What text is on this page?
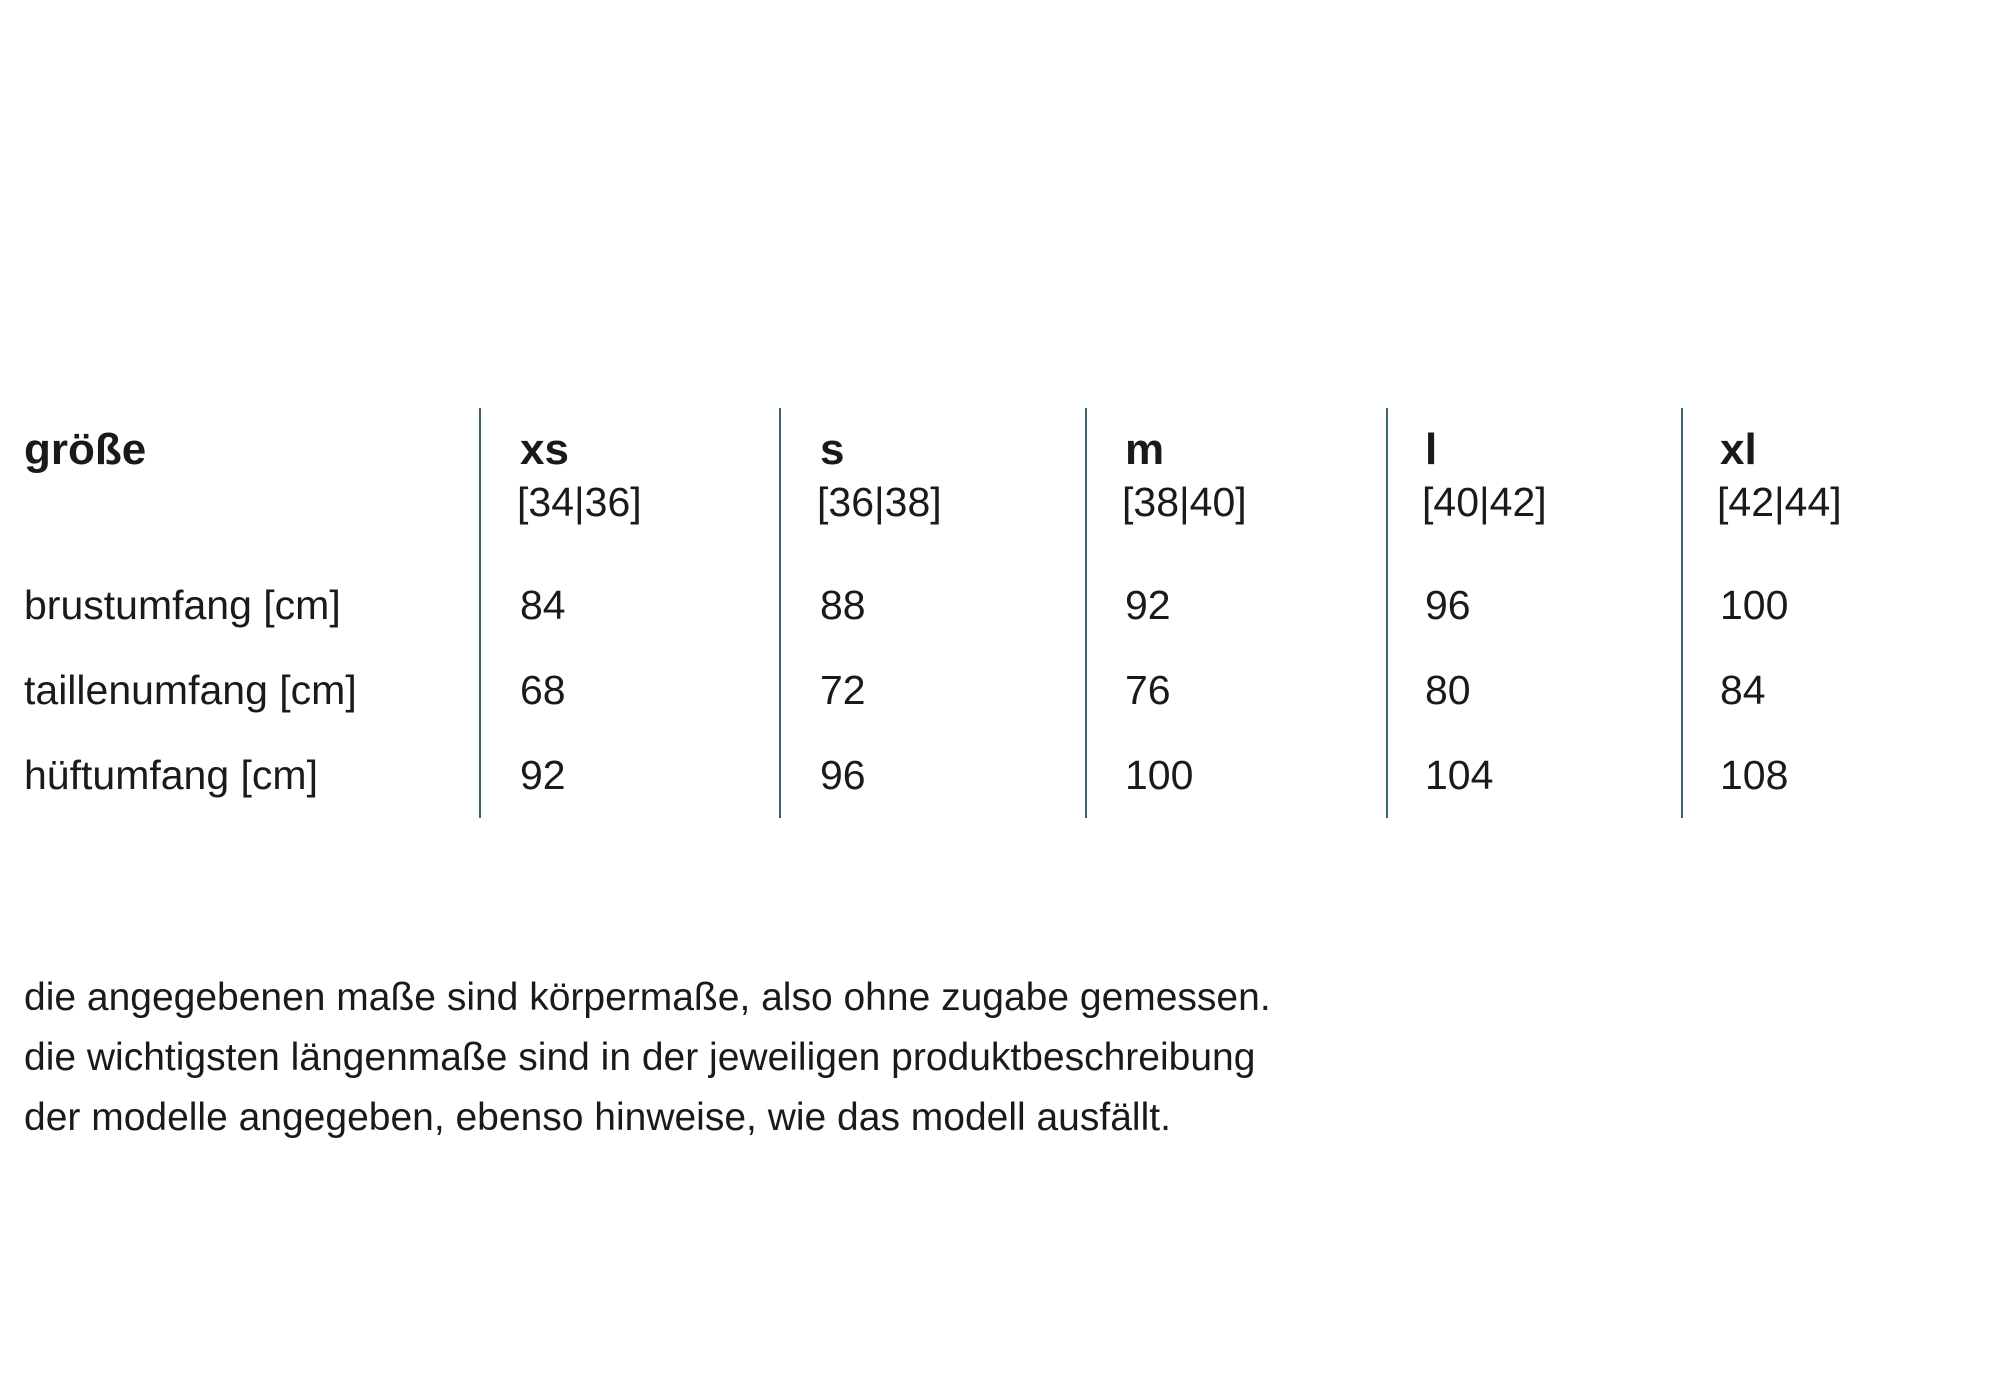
größe
brustumfang [cm]
taillenumfang [cm]
hüftumfang [cm]
xs
[34|36]
84
68
92
s
[36|38]
88
72
96
m
[38|40]
92
76
100
l
[40|42]
96
80
104
xl
[42|44]
100
84
108
die angegebenen maße sind körpermaße, also ohne zugabe gemessen.
die wichtigsten längenmaße sind in der jeweiligen produktbeschreibung
der modelle angegeben, ebenso hinweise, wie das modell ausfällt.
